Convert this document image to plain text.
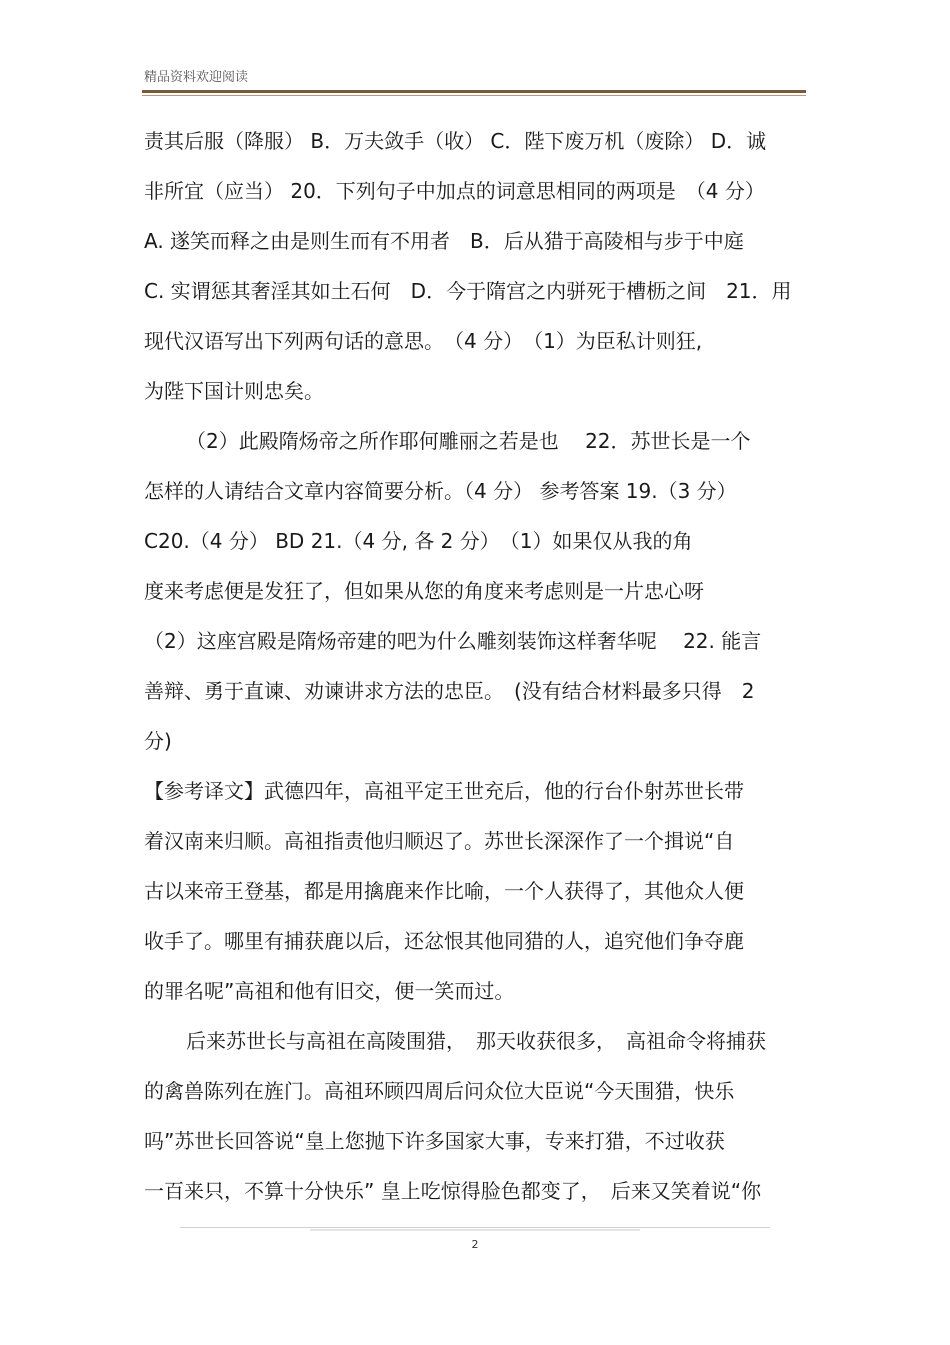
精品资料欢迎阅读
责其后服（降服） B．万夫敛手（收） C．陛下废万机（废除） D．诚
非所宜（应当） 20．下列句子中加点的词意思相同的两项是　（4 分）
A. 遂笑而释之由是则生而有不用者　B．后从猎于高陵相与步于中庭
C. 实谓惩其奢淫其如土石何　D．今于隋宫之内骈死于槽枥之间　21．用
现代汉语写出下列两句话的意思。　（4 分）　（1）为臣私计则狂,
为陛下国计则忠矣。
（2）此殿隋炀帝之所作耶何雕丽之若是也　 22．苏世长是一个
怎样的人请结合文章内容简要分析。（4 分） 参考答案 19.（3 分）
C20.（4 分） BD 21.（4 分, 各 2 分）　（1）如果仅从我的角
度来考虑便是发狂了，但如果从您的角度来考虑则是一片忠心呀
（2）这座宫殿是隋炀帝建的吧为什么雕刻装饰这样奢华呢　 22. 能言
善辩、勇于直谏、劝谏讲求方法的忠臣。　(没有结合材料最多只得　2
分)
【参考译文】武德四年，高祖平定王世充后，他的行台仆射苏世长带
着汉南来归顺。高祖指责他归顺迟了。苏世长深深作了一个揖说“自
古以来帝王登基，都是用擒鹿来作比喻，一个人获得了，其他众人便
收手了。哪里有捕获鹿以后，还忿恨其他同猎的人，追究他们争夺鹿
的罪名呢”高祖和他有旧交，便一笑而过。
后来苏世长与高祖在高陵围猎，　那天收获很多，　高祖命令将捕获
的禽兽陈列在旌门。高祖环顾四周后问众位大臣说“今天围猎，快乐
吗”苏世长回答说“皇上您抛下许多国家大事，专来打猎，不过收获
一百来只，不算十分快乐” 皇上吃惊得脸色都变了，　后来又笑着说“你
2
